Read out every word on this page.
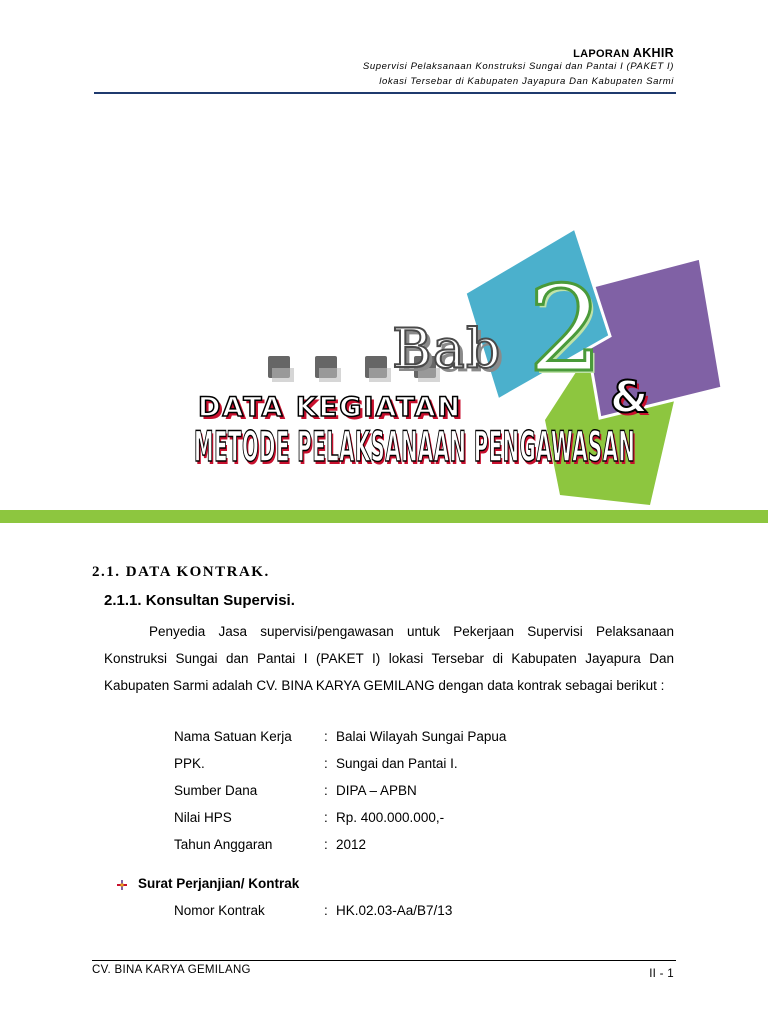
LAPORAN AKHIR
Supervisi Pelaksanaan Konstruksi Sungai dan Pantai I (PAKET I)
lokasi Tersebar di Kabupaten Jayapura Dan Kabupaten Sarmi
Bab 2
DATA KEGIATAN	&
METODE PELAKSANAAN PENGAWASAN
2.1. DATA KONTRAK.
2.1.1. Konsultan Supervisi.
Penyedia Jasa supervisi/pengawasan untuk Pekerjaan Supervisi Pelaksanaan Konstruksi Sungai dan Pantai I (PAKET I) lokasi Tersebar di Kabupaten Jayapura Dan Kabupaten Sarmi adalah CV. BINA KARYA GEMILANG dengan data kontrak sebagai berikut :
Nama Satuan Kerja : Balai Wilayah Sungai Papua
PPK.	: Sungai dan Pantai I.
Sumber Dana	: DIPA – APBN
Nilai HPS	: Rp. 400.000.000,-
Tahun Anggaran	: 2012
Surat Perjanjian/ Kontrak
Nomor Kontrak	: HK.02.03-Aa/B7/13
CV. BINA KARYA GEMILANG	II - 1
